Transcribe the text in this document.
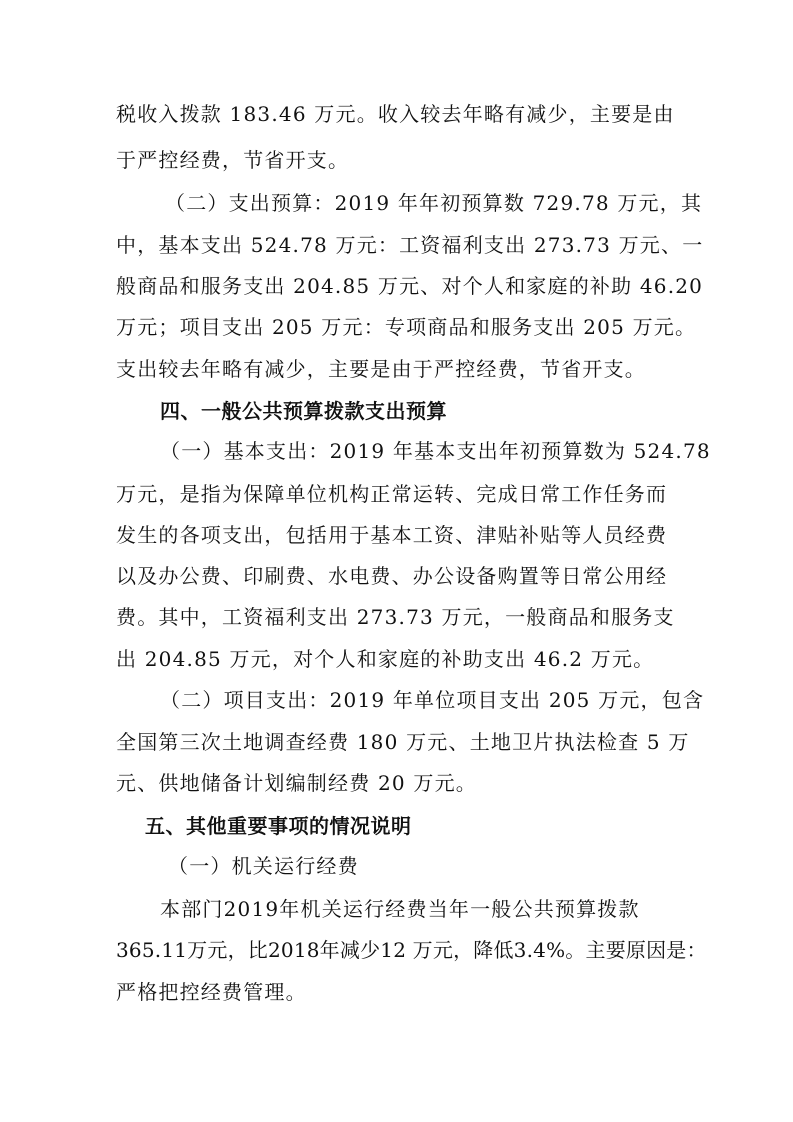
税收入拨款 183.46 万元。收入较去年略有减少，主要是由
于严控经费，节省开支。
（二）支出预算：2019 年年初预算数 729.78 万元，其
中，基本支出 524.78 万元：工资福利支出 273.73 万元、一
般商品和服务支出 204.85 万元、对个人和家庭的补助 46.20
万元；项目支出 205 万元：专项商品和服务支出 205 万元。
支出较去年略有减少，主要是由于严控经费，节省开支。
四、一般公共预算拨款支出预算
（一）基本支出：2019 年基本支出年初预算数为 524.78
万元，是指为保障单位机构正常运转、完成日常工作任务而
发生的各项支出，包括用于基本工资、津贴补贴等人员经费
以及办公费、印刷费、水电费、办公设备购置等日常公用经
费。其中，工资福利支出 273.73 万元，一般商品和服务支
出 204.85 万元，对个人和家庭的补助支出 46.2 万元。
（二）项目支出：2019 年单位项目支出 205 万元，包含
全国第三次土地调查经费 180 万元、土地卫片执法检查 5 万
元、供地储备计划编制经费 20 万元。
五、其他重要事项的情况说明
（一）机关运行经费
本部门2019年机关运行经费当年一般公共预算拨款
365.11万元，比2018年减少12 万元，降低3.4%。主要原因是：
严格把控经费管理。
